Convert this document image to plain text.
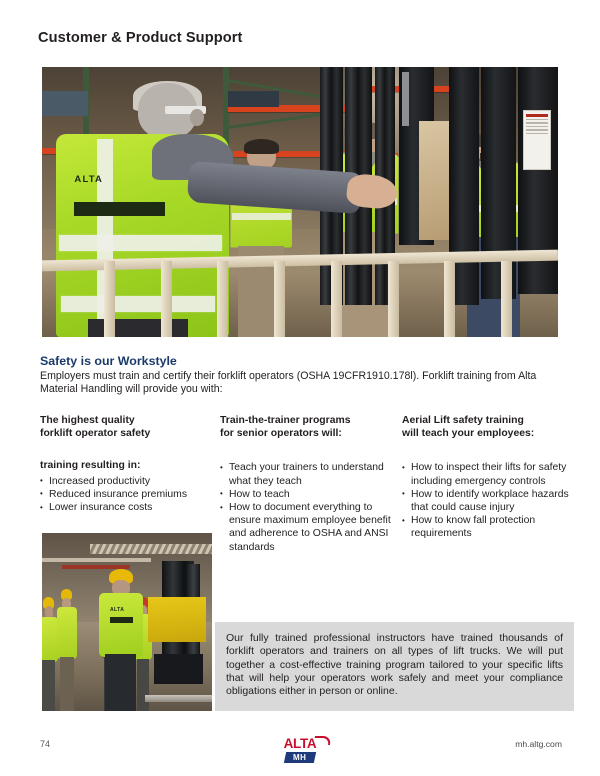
Customer & Product Support
ALTA
Safety is our Workstyle
Employers must train and certify their forklift operators (OSHA 19CFR1910.178l). Forklift training from Alta Material Handling will provide you with:
The highest quality
forklift operator safety
training resulting in:
• Increased productivity
• Reduced insurance premiums
• Lower insurance costs
Train-the-trainer programs
for senior operators will:
• Teach your trainers to understand what they teach
• How to teach
• How to document everything to ensure maximum employee benefit and adherence to OSHA and ANSI standards
Aerial Lift safety training
will teach your employees:
• How to inspect their lifts for safety including emergency controls
• How to identify workplace hazards that could cause injury
• How to know fall protection requirements
ALTA

Our fully trained professional instructors have trained thousands of forklift operators and trainers on all types of lift trucks. We will put together a cost-effective training program tailored to your specific lifts that will help your operators work safely and meet your compliance obligations either in person or online.

74	ALTA
MH
mh.altg.com
